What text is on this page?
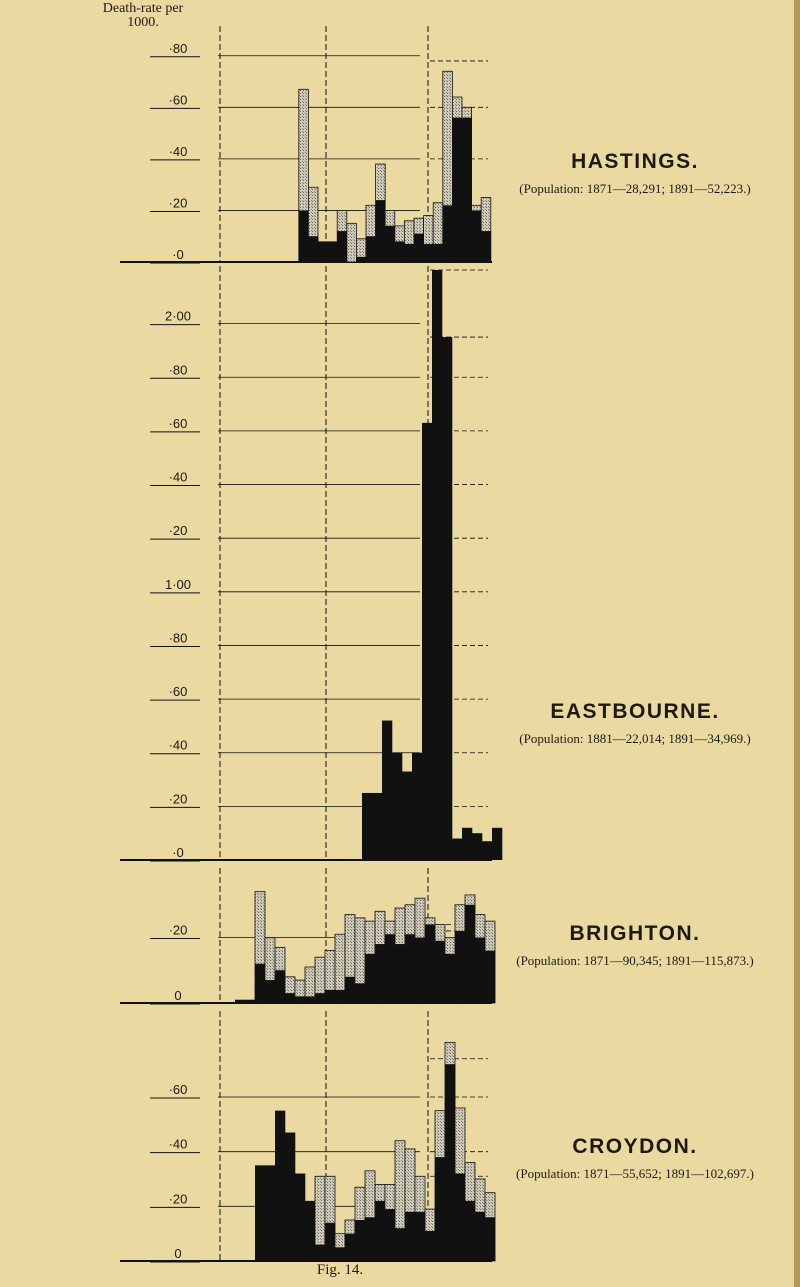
·80
·60
·40
·20
·0
2·00
·80
·60
·40
·20
1·00
·80
·60
·40
·20
·0
·20
0
·60
·40
·20
0
Death-rate per 1000.
HASTINGS.
(Population: 1871—28,291; 1891—52,223.)
EASTBOURNE.
(Population: 1881—22,014; 1891—34,969.)
BRIGHTON.
(Population: 1871—90,345; 1891—115,873.)
CROYDON.
(Population: 1871—55,652; 1891—102,697.)
Fig. 14.
